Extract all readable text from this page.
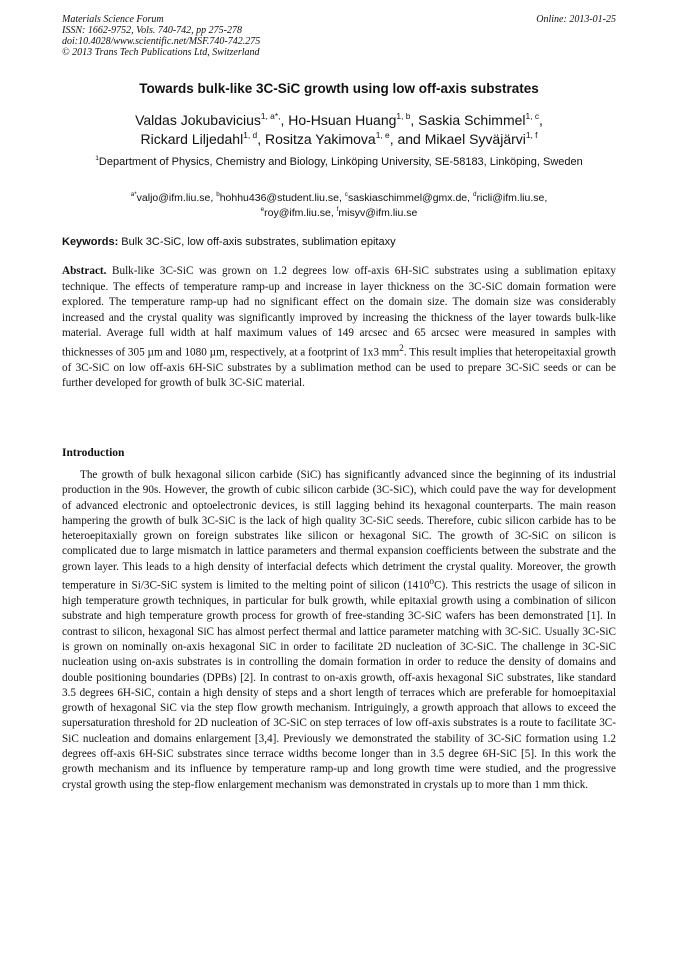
Materials Science Forum
ISSN: 1662-9752, Vols. 740-742, pp 275-278
doi:10.4028/www.scientific.net/MSF.740-742.275
© 2013 Trans Tech Publications Ltd, Switzerland
Online: 2013-01-25
Towards bulk-like 3C-SiC growth using low off-axis substrates
Valdas Jokubavicius$^{1, a*,}$, Ho-Hsuan Huang$^{1, b}$, Saskia Schimmel$^{1, c}$,
Rickard Liljedahl$^{1, d}$, Rositza Yakimova$^{1, e}$, and Mikael Syväjärvi$^{1, f}$
$^1$Department of Physics, Chemistry and Biology, Linköping University, SE-58183, Linköping, Sweden
$^{a*}$valjo@ifm.liu.se, $^b$hohhu436@student.liu.se, $^c$saskiaschimmel@gmx.de, $^d$ricli@ifm.liu.se,
$^e$roy@ifm.liu.se, $^f$misyv@ifm.liu.se
Keywords: Bulk 3C-SiC, low off-axis substrates, sublimation epitaxy
Abstract. Bulk-like 3C-SiC was grown on 1.2 degrees low off-axis 6H-SiC substrates using a sublimation epitaxy technique. The effects of temperature ramp-up and increase in layer thickness on the 3C-SiC domain formation were explored. The temperature ramp-up had no significant effect on the domain size. The domain size was considerably increased and the crystal quality was significantly improved by increasing the thickness of the layer towards bulk-like material. Average full width at half maximum values of 149 arcsec and 65 arcsec were measured in samples with thicknesses of 305 µm and 1080 µm, respectively, at a footprint of 1x3 $mm^2$. This result implies that heteropeitaxial growth of 3C-SiC on low off-axis 6H-SiC substrates by a sublimation method can be used to prepare 3C-SiC seeds or can be further developed for growth of bulk 3C-SiC material.
Introduction
The growth of bulk hexagonal silicon carbide (SiC) has significantly advanced since the beginning of its industrial production in the 90s. However, the growth of cubic silicon carbide (3C-SiC), which could pave the way for development of advanced electronic and optoelectronic devices, is still lagging behind its hexagonal counterparts. The main reason hampering the growth of bulk 3C-SiC is the lack of high quality 3C-SiC seeds. Therefore, cubic silicon carbide has to be heteroepitaxially grown on foreign substrates like silicon or hexagonal SiC. The growth of 3C-SiC on silicon is complicated due to large mismatch in lattice parameters and thermal expansion coefficients between the substrate and the grown layer. This leads to a high density of interfacial defects which detriment the crystal quality. Moreover, the growth temperature in Si/3C-SiC system is limited to the melting point of silicon (1410$^o$C). This restricts the usage of silicon in high temperature growth techniques, in particular for bulk growth, while epitaxial growth using a combination of silicon substrate and high temperature growth process for growth of free-standing 3C-SiC wafers has been demonstrated [1]. In contrast to silicon, hexagonal SiC has almost perfect thermal and lattice parameter matching with 3C-SiC. Usually 3C-SiC is grown on nominally on-axis hexagonal SiC in order to facilitate 2D nucleation of 3C-SiC. The challenge in 3C-SiC nucleation using on-axis substrates is in controlling the domain formation in order to reduce the density of domains and double positioning boundaries (DPBs) [2]. In contrast to on-axis growth, off-axis hexagonal SiC substrates, like standard 3.5 degrees 6H-SiC, contain a high density of steps and a short length of terraces which are preferable for homoepitaxial growth of hexagonal SiC via the step flow growth mechanism. Intriguingly, a growth approach that allows to exceed the supersaturation threshold for 2D nucleation of 3C-SiC on step terraces of low off-axis substrates is a route to facilitate 3C-SiC nucleation and domains enlargement [3,4]. Previously we demonstrated the stability of 3C-SiC formation using 1.2 degrees off-axis 6H-SiC substrates since terrace widths become longer than in 3.5 degree 6H-SiC [5]. In this work the growth mechanism and its influence by temperature ramp-up and long growth time were studied, and the progressive crystal growth using the step-flow enlargement mechanism was demonstrated in crystals up to more than 1 mm thick.
